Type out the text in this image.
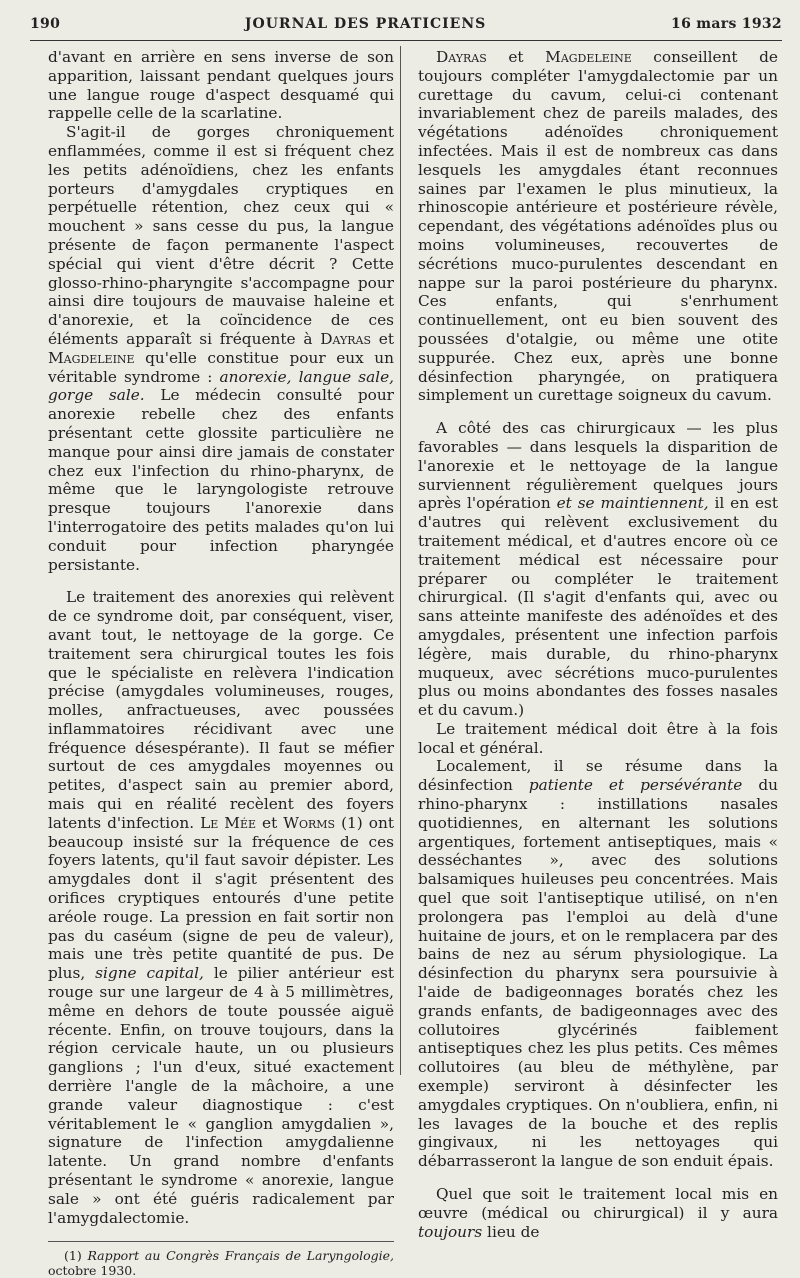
190	JOURNAL DES PRATICIENS	16 mars 1932

d'avant en arrière en sens inverse de son apparition, laissant pendant quelques jours une langue rouge d'aspect desquamé qui rappelle celle de la scarlatine.

S'agit-il de gorges chroniquement enflammées, comme il est si fréquent chez les petits adénoïdiens, chez les enfants porteurs d'amygdales cryptiques en perpétuelle rétention, chez ceux qui « mouchent » sans cesse du pus, la langue présente de façon permanente l'aspect spécial qui vient d'être décrit ? Cette glosso-rhino-pharyngite s'accompagne pour ainsi dire toujours de mauvaise haleine et d'anorexie, et la coïncidence de ces éléments apparaît si fréquente à Dayras et Magdeleine qu'elle constitue pour eux un véritable syndrome : anorexie, langue sale, gorge sale. Le médecin consulté pour anorexie rebelle chez des enfants présentant cette glossite particulière ne manque pour ainsi dire jamais de constater chez eux l'infection du rhino-pharynx, de même que le laryngologiste retrouve presque toujours l'anorexie dans l'interrogatoire des petits malades qu'on lui conduit pour infection pharyngée persistante.

Le traitement des anorexies qui relèvent de ce syndrome doit, par conséquent, viser, avant tout, le nettoyage de la gorge. Ce traitement sera chirurgical toutes les fois que le spécialiste en relèvera l'indication précise (amygdales volumineuses, rouges, molles, anfractueuses, avec poussées inflammatoires récidivant avec une fréquence désespérante). Il faut se méfier surtout de ces amygdales moyennes ou petites, d'aspect sain au premier abord, mais qui en réalité recèlent des foyers latents d'infection. Le Mée et Worms (1) ont beaucoup insisté sur la fréquence de ces foyers latents, qu'il faut savoir dépister. Les amygdales dont il s'agit présentent des orifices cryptiques entourés d'une petite aréole rouge. La pression en fait sortir non pas du caséum (signe de peu de valeur), mais une très petite quantité de pus. De plus, signe capital, le pilier antérieur est rouge sur une largeur de 4 à 5 millimètres, même en dehors de toute poussée aiguë récente. Enfin, on trouve toujours, dans la région cervicale haute, un ou plusieurs ganglions ; l'un d'eux, situé exactement derrière l'angle de la mâchoire, a une grande valeur diagnostique : c'est véritablement le « ganglion amygdalien », signature de l'infection amygdalienne latente. Un grand nombre d'enfants présentant le syndrome « anorexie, langue sale » ont été guéris radicalement par l'amygdalectomie.

(1) Rapport au Congrès Français de Laryngologie, octobre 1930.

Dayras et Magdeleine conseillent de toujours compléter l'amygdalectomie par un curettage du cavum, celui-ci contenant invariablement chez de pareils malades, des végétations adénoïdes chroniquement infectées. Mais il est de nombreux cas dans lesquels les amygdales étant reconnues saines par l'examen le plus minutieux, la rhinoscopie antérieure et postérieure révèle, cependant, des végétations adénoïdes plus ou moins volumineuses, recouvertes de sécrétions muco-purulentes descendant en nappe sur la paroi postérieure du pharynx. Ces enfants, qui s'enrhument continuellement, ont eu bien souvent des poussées d'otalgie, ou même une otite suppurée. Chez eux, après une bonne désinfection pharyngée, on pratiquera simplement un curettage soigneux du cavum.

A côté des cas chirurgicaux — les plus favorables — dans lesquels la disparition de l'anorexie et le nettoyage de la langue surviennent régulièrement quelques jours après l'opération et se maintiennent, il en est d'autres qui relèvent exclusivement du traitement médical, et d'autres encore où ce traitement médical est nécessaire pour préparer ou compléter le traitement chirurgical. (Il s'agit d'enfants qui, avec ou sans atteinte manifeste des adénoïdes et des amygdales, présentent une infection parfois légère, mais durable, du rhino-pharynx muqueux, avec sécrétions muco-purulentes plus ou moins abondantes des fosses nasales et du cavum.)

Le traitement médical doit être à la fois local et général.

Localement, il se résume dans la désinfection patiente et persévérante du rhino-pharynx : instillations nasales quotidiennes, en alternant les solutions argentiques, fortement antiseptiques, mais « desséchantes », avec des solutions balsamiques huileuses peu concentrées. Mais quel que soit l'antiseptique utilisé, on n'en prolongera pas l'emploi au delà d'une huitaine de jours, et on le remplacera par des bains de nez au sérum physiologique. La désinfection du pharynx sera poursuivie à l'aide de badigeonnages boratés chez les grands enfants, de badigeonnages avec des collutoires glycérinés faiblement antiseptiques chez les plus petits. Ces mêmes collutoires (au bleu de méthylène, par exemple) serviront à désinfecter les amygdales cryptiques. On n'oubliera, enfin, ni les lavages de la bouche et des replis gingivaux, ni les nettoyages qui débarrasseront la langue de son enduit épais.

Quel que soit le traitement local mis en œuvre (médical ou chirurgical) il y aura toujours lieu de
